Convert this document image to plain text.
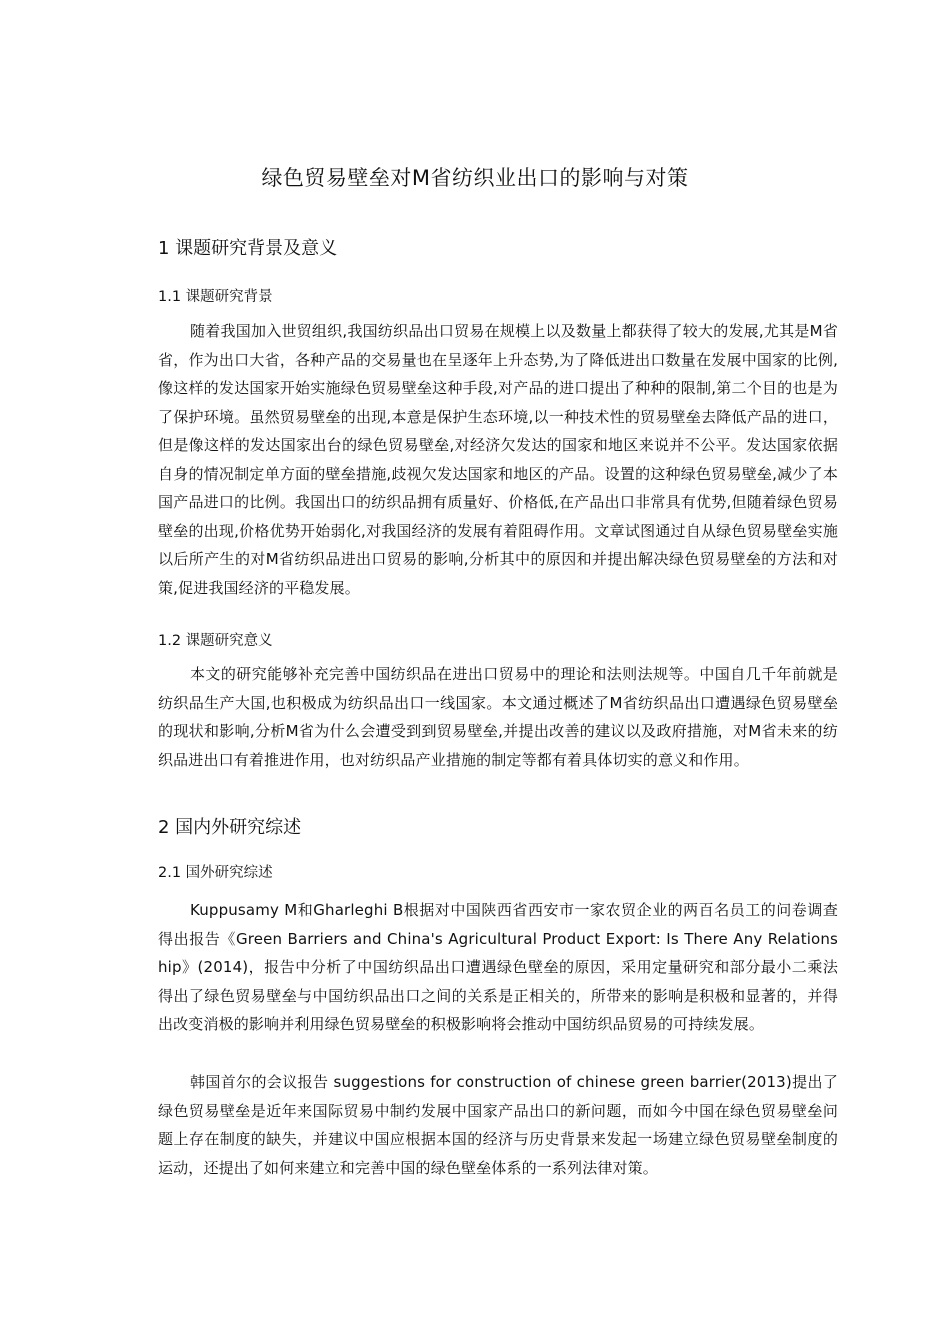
绿色贸易壁垒对M省纺织业出口的影响与对策
1 课题研究背景及意义
1.1 课题研究背景

随着我国加入世贸组织,我国纺织品出口贸易在规模上以及数量上都获得了较大的发展,尤其是M省省，作为出口大省，各种产品的交易量也在呈逐年上升态势,为了降低进出口数量在发展中国家的比例,像这样的发达国家开始实施绿色贸易壁垒这种手段,对产品的进口提出了种种的限制,第二个目的也是为了保护环境。虽然贸易壁垒的出现,本意是保护生态环境,以一种技术性的贸易壁垒去降低产品的进口，但是像这样的发达国家出台的绿色贸易壁垒,对经济欠发达的国家和地区来说并不公平。发达国家依据自身的情况制定单方面的壁垒措施,歧视欠发达国家和地区的产品。设置的这种绿色贸易壁垒,减少了本国产品进口的比例。我国出口的纺织品拥有质量好、价格低,在产品出口非常具有优势,但随着绿色贸易壁垒的出现,价格优势开始弱化,对我国经济的发展有着阻碍作用。文章试图通过自从绿色贸易壁垒实施以后所产生的对M省纺织品进出口贸易的影响,分析其中的原因和并提出解决绿色贸易壁垒的方法和对策,促进我国经济的平稳发展。

1.2 课题研究意义

本文的研究能够补充完善中国纺织品在进出口贸易中的理论和法则法规等。中国自几千年前就是纺织品生产大国,也积极成为纺织品出口一线国家。本文通过概述了M省纺织品出口遭遇绿色贸易壁垒的现状和影响,分析M省为什么会遭受到到贸易壁垒,并提出改善的建议以及政府措施，对M省未来的纺织品进出口有着推进作用，也对纺织品产业措施的制定等都有着具体切实的意义和作用。

2 国内外研究综述
2.1 国外研究综述

Kuppusamy M和Gharleghi B根据对中国陕西省西安市一家农贸企业的两百名员工的问卷调查得出报告《Green Barriers and China's Agricultural Product Export: Is There Any Relationship》(2014)，报告中分析了中国纺织品出口遭遇绿色壁垒的原因，采用定量研究和部分最小二乘法得出了绿色贸易壁垒与中国纺织品出口之间的关系是正相关的，所带来的影响是积极和显著的，并得出改变消极的影响并利用绿色贸易壁垒的积极影响将会推动中国纺织品贸易的可持续发展。

韩国首尔的会议报告 suggestions for construction of chinese green barrier(2013)提出了绿色贸易壁垒是近年来国际贸易中制约发展中国家产品出口的新问题，而如今中国在绿色贸易壁垒问题上存在制度的缺失，并建议中国应根据本国的经济与历史背景来发起一场建立绿色贸易壁垒制度的运动，还提出了如何来建立和完善中国的绿色壁垒体系的一系列法律对策。
